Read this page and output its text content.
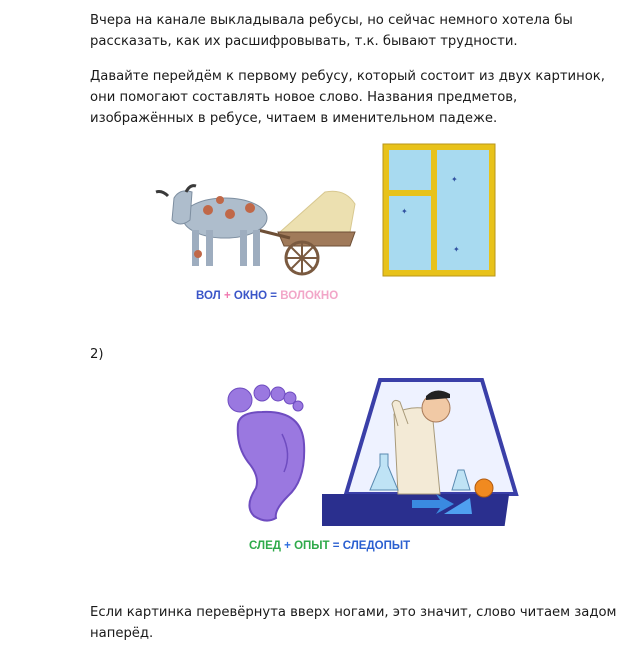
Вчера на канале выкладывала ребусы, но сейчас немного хотела бы рассказать, как их расшифровывать, т.к. бывают трудности.

Давайте перейдём к первому ребусу, который состоит из двух картинок, они помогают составлять новое слово. Названия предметов, изображённых в ребусе, читаем в именительном падеже.

✦
✦
✦
ВОЛ + ОКНО = ВОЛОКНО

2)

СЛЕД + ОПЫТ = СЛЕДОПЫТ

Если картинка перевёрнута вверх ногами, это значит, слово читаем задом наперёд.
